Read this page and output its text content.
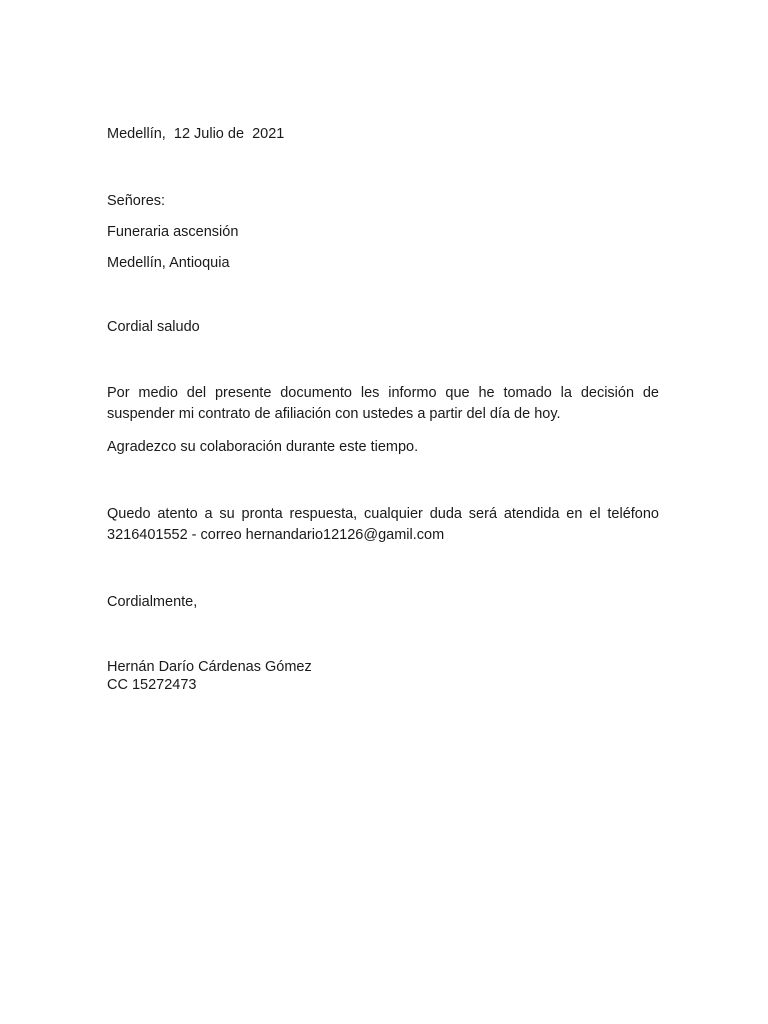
Medellín,  12 Julio de  2021
Señores:
Funeraria ascensión
Medellín, Antioquia
Cordial saludo
Por medio del presente documento les informo que he tomado la decisión de
suspender mi contrato de afiliación con ustedes a partir del día de hoy.
Agradezco su colaboración durante este tiempo.
Quedo atento a su pronta respuesta, cualquier duda será atendida en el teléfono
3216401552 - correo hernandario12126@gamil.com
Cordialmente,
Hernán Darío Cárdenas Gómez
CC 15272473
